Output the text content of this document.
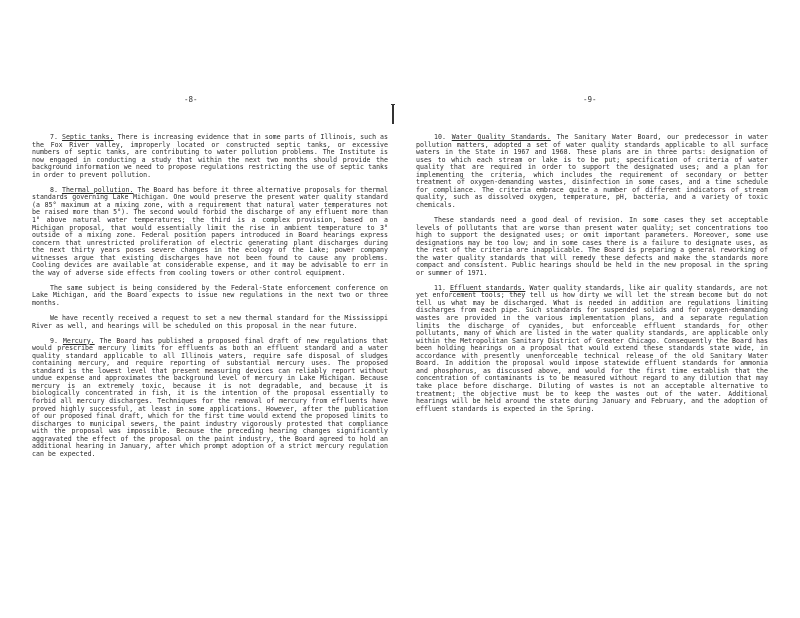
-8-	-9-

7. Septic tanks. There is increasing evidence that in some parts of Illinois, such as the Fox River valley, improperly located or constructed septic tanks, or excessive numbers of septic tanks, are contributing to water pollution problems. The Institute is now engaged in conducting a study that within the next two months should provide the background information we need to propose regulations restricting the use of septic tanks in order to prevent pollution.

8. Thermal pollution. The Board has before it three alternative proposals for thermal standards governing Lake Michigan. One would preserve the present water quality standard (a 85° maximum at a mixing zone, with a requirement that natural water temperatures not be raised more than 5°). The second would forbid the discharge of any effluent more than 1° above natural water temperatures; the third is a complex provision, based on a Michigan proposal, that would essentially limit the rise in ambient temperature to 3° outside of a mixing zone. Federal position papers introduced in Board hearings express concern that unrestricted proliferation of electric generating plant discharges during the next thirty years poses severe changes in the ecology of the Lake; power company witnesses argue that existing discharges have not been found to cause any problems. Cooling devices are available at considerable expense, and it may be advisable to err in the way of adverse side effects from cooling towers or other control equipment.

The same subject is being considered by the Federal-State enforcement conference on Lake Michigan, and the Board expects to issue new regulations in the next two or three months.

We have recently received a request to set a new thermal standard for the Mississippi River as well, and hearings will be scheduled on this proposal in the near future.

9. Mercury. The Board has published a proposed final draft of new regulations that would prescribe mercury limits for effluents as both an effluent standard and a water quality standard applicable to all Illinois waters, require safe disposal of sludges containing mercury, and require reporting of substantial mercury uses. The proposed standard is the lowest level that present measuring devices can reliably report without undue expense and approximates the background level of mercury in Lake Michigan. Because mercury is an extremely toxic, because it is not degradable, and because it is biologically concentrated in fish, it is the intention of the proposal essentially to forbid all mercury discharges. Techniques for the removal of mercury from effluents have proved highly successful, at least in some applications. However, after the publication of our proposed final draft, which for the first time would extend the proposed limits to discharges to municipal sewers, the paint industry vigorously protested that compliance with the proposal was impossible. Because the preceding hearing changes significantly aggravated the effect of the proposal on the paint industry, the Board agreed to hold an additional hearing in January, after which prompt adoption of a strict mercury regulation can be expected.

10. Water Quality Standards. The Sanitary Water Board, our predecessor in water pollution matters, adopted a set of water quality standards applicable to all surface waters in the State in 1967 and 1968. These plans are in three parts: designation of uses to which each stream or lake is to be put; specification of criteria of water quality that are required in order to support the designated uses; and a plan for implementing the criteria, which includes the requirement of secondary or better treatment of oxygen-demanding wastes, disinfection in some cases, and a time schedule for compliance. The criteria embrace quite a number of different indicators of stream quality, such as dissolved oxygen, temperature, pH, bacteria, and a variety of toxic chemicals.

These standards need a good deal of revision. In some cases they set acceptable levels of pollutants that are worse than present water quality; set concentrations too high to support the designated uses; or omit important parameters. Moreover, some use designations may be too low; and in some cases there is a failure to designate uses, as the rest of the criteria are inapplicable. The Board is preparing a general reworking of the water quality standards that will remedy these defects and make the standards more compact and consistent. Public hearings should be held in the new proposal in the spring or summer of 1971.

11. Effluent standards. Water quality standards, like air quality standards, are not yet enforcement tools; they tell us how dirty we will let the stream become but do not tell us what may be discharged. What is needed in addition are regulations limiting discharges from each pipe. Such standards for suspended solids and for oxygen-demanding wastes are provided in the various implementation plans, and a separate regulation limits the discharge of cyanides, but enforceable effluent standards for other pollutants, many of which are listed in the water quality standards, are applicable only within the Metropolitan Sanitary District of Greater Chicago. Consequently the Board has been holding hearings on a proposal that would extend these standards state wide, in accordance with presently unenforceable technical release of the old Sanitary Water Board. In addition the proposal would impose statewide effluent standards for ammonia and phosphorus, as discussed above, and would for the first time establish that the concentration of contaminants is to be measured without regard to any dilution that may take place before discharge. Diluting of wastes is not an acceptable alternative to treatment; the objective must be to keep the wastes out of the water. Additional hearings will be held around the state during January and February, and the adoption of effluent standards is expected in the Spring.
